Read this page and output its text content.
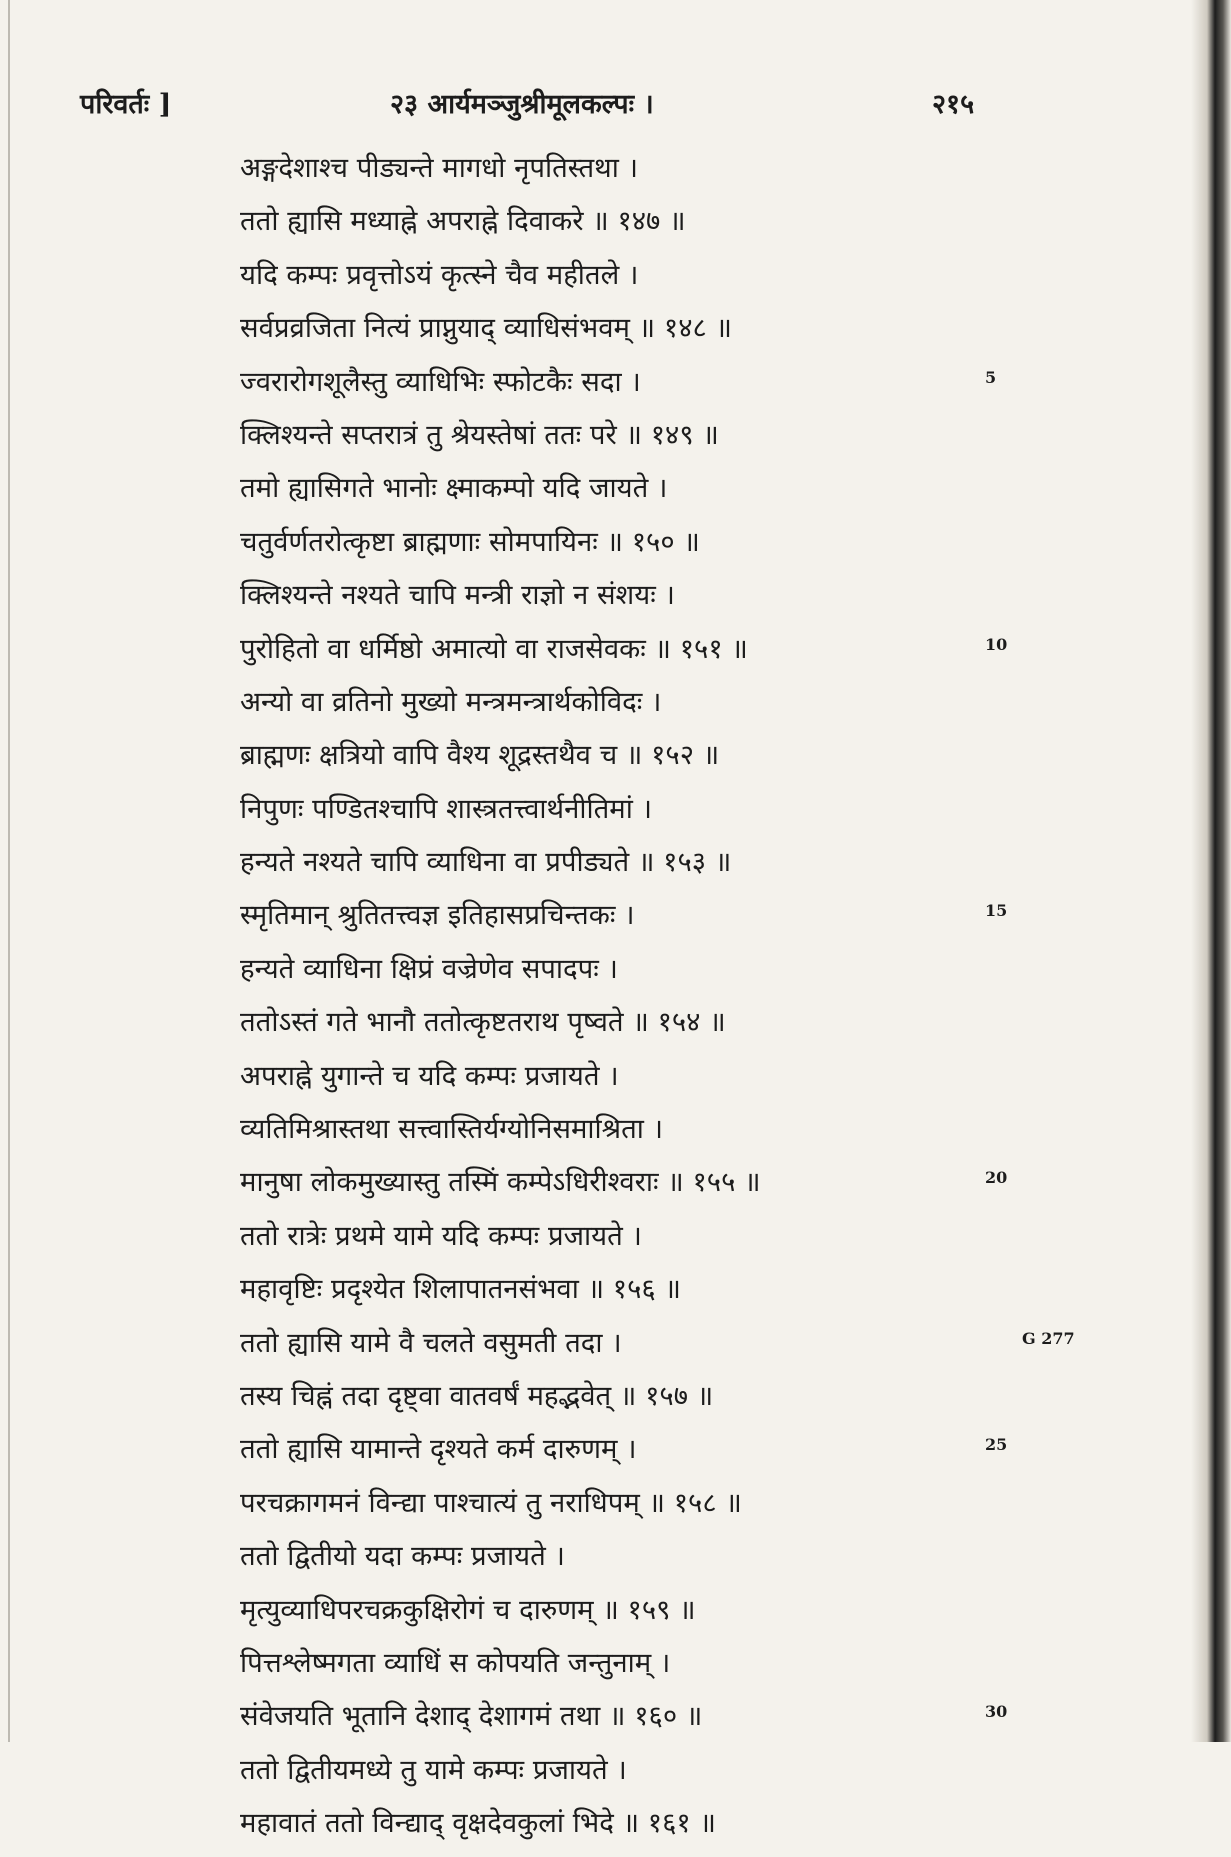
परिवर्तः ]	२३ आर्यमञ्जुश्रीमूलकल्पः ।	२१५
अङ्गदेशाश्च पीड्यन्ते मागधो नृपतिस्तथा ।
ततो ह्यासि मध्याह्ने अपराह्ने दिवाकरे ॥ १४७ ॥
यदि कम्पः प्रवृत्तोऽयं कृत्स्ने चैव महीतले ।
सर्वप्रव्रजिता नित्यं प्राप्नुयाद् व्याधिसंभवम् ॥ १४८ ॥
ज्वरारोगशूलैस्तु व्याधिभिः स्फोटकैः सदा ।	5
क्लिश्यन्ते सप्तरात्रं तु श्रेयस्तेषां ततः परे ॥ १४९ ॥
तमो ह्यासिगते भानोः क्ष्माकम्पो यदि जायते ।
चतुर्वर्णतरोत्कृष्टा ब्राह्मणाः सोमपायिनः ॥ १५० ॥
क्लिश्यन्ते नश्यते चापि मन्त्री राज्ञो न संशयः ।
पुरोहितो वा धर्मिष्ठो अमात्यो वा राजसेवकः ॥ १५१ ॥	10
अन्यो वा व्रतिनो मुख्यो मन्त्रमन्त्रार्थकोविदः ।
ब्राह्मणः क्षत्रियो वापि वैश्य शूद्रस्तथैव च ॥ १५२ ॥
निपुणः पण्डितश्चापि शास्त्रतत्त्वार्थनीतिमां ।
हन्यते नश्यते चापि व्याधिना वा प्रपीड्यते ॥ १५३ ॥
स्मृतिमान् श्रुतितत्त्वज्ञ इतिहासप्रचिन्तकः ।	15
हन्यते व्याधिना क्षिप्रं वज्रेणेव सपादपः ।
ततोऽस्तं गते भानौ ततोत्कृष्टतराथ पृष्वते ॥ १५४ ॥
अपराह्ने युगान्ते च यदि कम्पः प्रजायते ।
व्यतिमिश्रास्तथा सत्त्वास्तिर्यग्योनिसमाश्रिता ।
मानुषा लोकमुख्यास्तु तस्मिं कम्पेऽधिरीश्वराः ॥ १५५ ॥	20
ततो रात्रेः प्रथमे यामे यदि कम्पः प्रजायते ।
महावृष्टिः प्रदृश्येत शिलापातनसंभवा ॥ १५६ ॥
ततो ह्यासि यामे वै चलते वसुमती तदा ।	G 277
तस्य चिह्नं तदा दृष्ट्वा वातवर्षं महद्भवेत् ॥ १५७ ॥
ततो ह्यासि यामान्ते दृश्यते कर्म दारुणम् ।	25
परचक्रागमनं विन्द्या पाश्चात्यं तु नराधिपम् ॥ १५८ ॥
ततो द्वितीयो यदा कम्पः प्रजायते ।
मृत्युव्याधिपरचक्रकुक्षिरोगं च दारुणम् ॥ १५९ ॥
पित्तश्लेष्मगता व्याधिं स कोपयति जन्तुनाम् ।
संवेजयति भूतानि देशाद् देशागमं तथा ॥ १६० ॥	30
ततो द्वितीयमध्ये तु यामे कम्पः प्रजायते ।
महावातं ततो विन्द्याद् वृक्षदेवकुलां भिदे ॥ १६१ ॥
